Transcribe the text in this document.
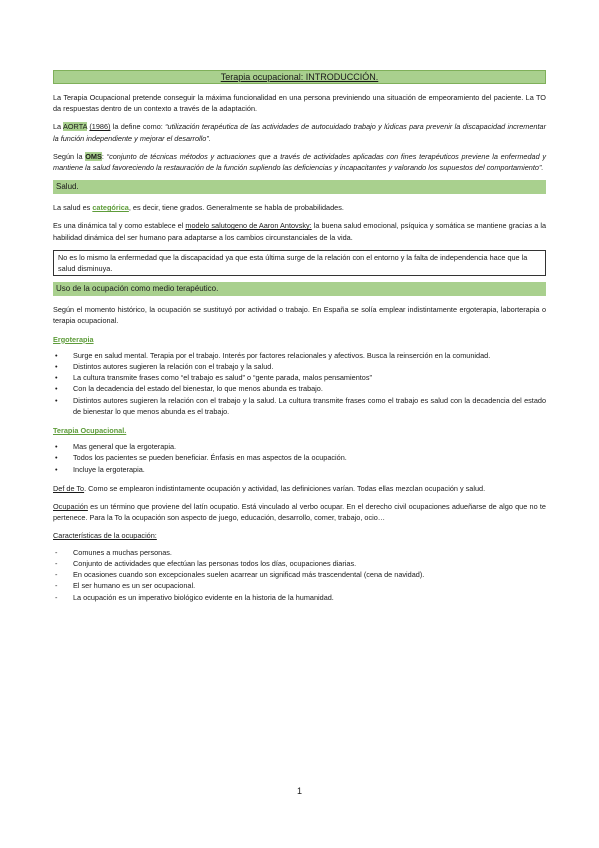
Terapia ocupacional: INTRODUCCIÓN.

La Terapia Ocupacional pretende conseguir la máxima funcionalidad en una persona previniendo una situación de empeoramiento del paciente. La TO da respuestas dentro de un contexto a través de la adaptación.

La AORTA (1986) la define como: “utilización terapéutica de las actividades de autocuidado trabajo y lúdicas para prevenir la discapacidad incrementar la función independiente y mejorar el desarrollo”.

Según la OMS: “conjunto de técnicas métodos y actuaciones que a través de actividades aplicadas con fines terapéuticos previene la enfermedad y mantiene la salud favoreciendo la restauración de la función supliendo las deficiencias y incapacitantes y valorando los supuestos del comportamiento”.

Salud.

La salud es categórica, es decir, tiene grados. Generalmente se habla de probabilidades.

Es una dinámica tal y como establece el modelo salutogeno de Aaron Antovsky: la buena salud emocional, psíquica y somática se mantiene gracias a la habilidad dinámica del ser humano para adaptarse a los cambios circunstanciales de la vida.

No es lo mismo la enfermedad que la discapacidad ya que esta última surge de la relación con el entorno y la falta de independencia hace que la salud disminuya.
Uso de la ocupación como medio terapéutico.

Según el momento histórico, la ocupación se sustituyó por actividad o trabajo. En España se solía emplear indistintamente ergoterapia, laborterapia o terapia ocupacional.

Ergoterapia
• Surge en salud mental. Terapia por el trabajo. Interés por factores relacionales y afectivos. Busca la reinserción en la comunidad.
• Distintos autores sugieren la relación con el trabajo y la salud.
• La cultura transmite frases como “el trabajo es salud” o “gente parada, malos pensamientos”
• Con la decadencia del estado del bienestar, lo que menos abunda es trabajo.
• Distintos autores sugieren la relación con el trabajo y la salud. La cultura transmite frases como el trabajo es salud con la decadencia del estado de bienestar lo que menos abunda es el trabajo.
Terapia Ocupacional.
• Mas general que la ergoterapia.
• Todos los pacientes se pueden beneficiar. Énfasis en mas aspectos de la ocupación.
• Incluye la ergoterapia.

Def de To. Como se emplearon indistintamente ocupación y actividad, las definiciones varían. Todas ellas mezclan ocupación y salud.

Ocupación es un término que proviene del latín ocupatio. Está vinculado al verbo ocupar. En el derecho civil ocupaciones adueñarse de algo que no te pertenece. Para la To la ocupación son aspecto de juego, educación, desarrollo, comer, trabajo, ocio…

Características de la ocupación:
- Comunes a muchas personas.
- Conjunto de actividades que efectúan las personas todos los días, ocupaciones diarias.
- En ocasiones cuando son excepcionales suelen acarrear un significad más trascendental (cena de navidad).
- El ser humano es un ser ocupacional.
- La ocupación es un imperativo biológico evidente en la historia de la humanidad.
1
